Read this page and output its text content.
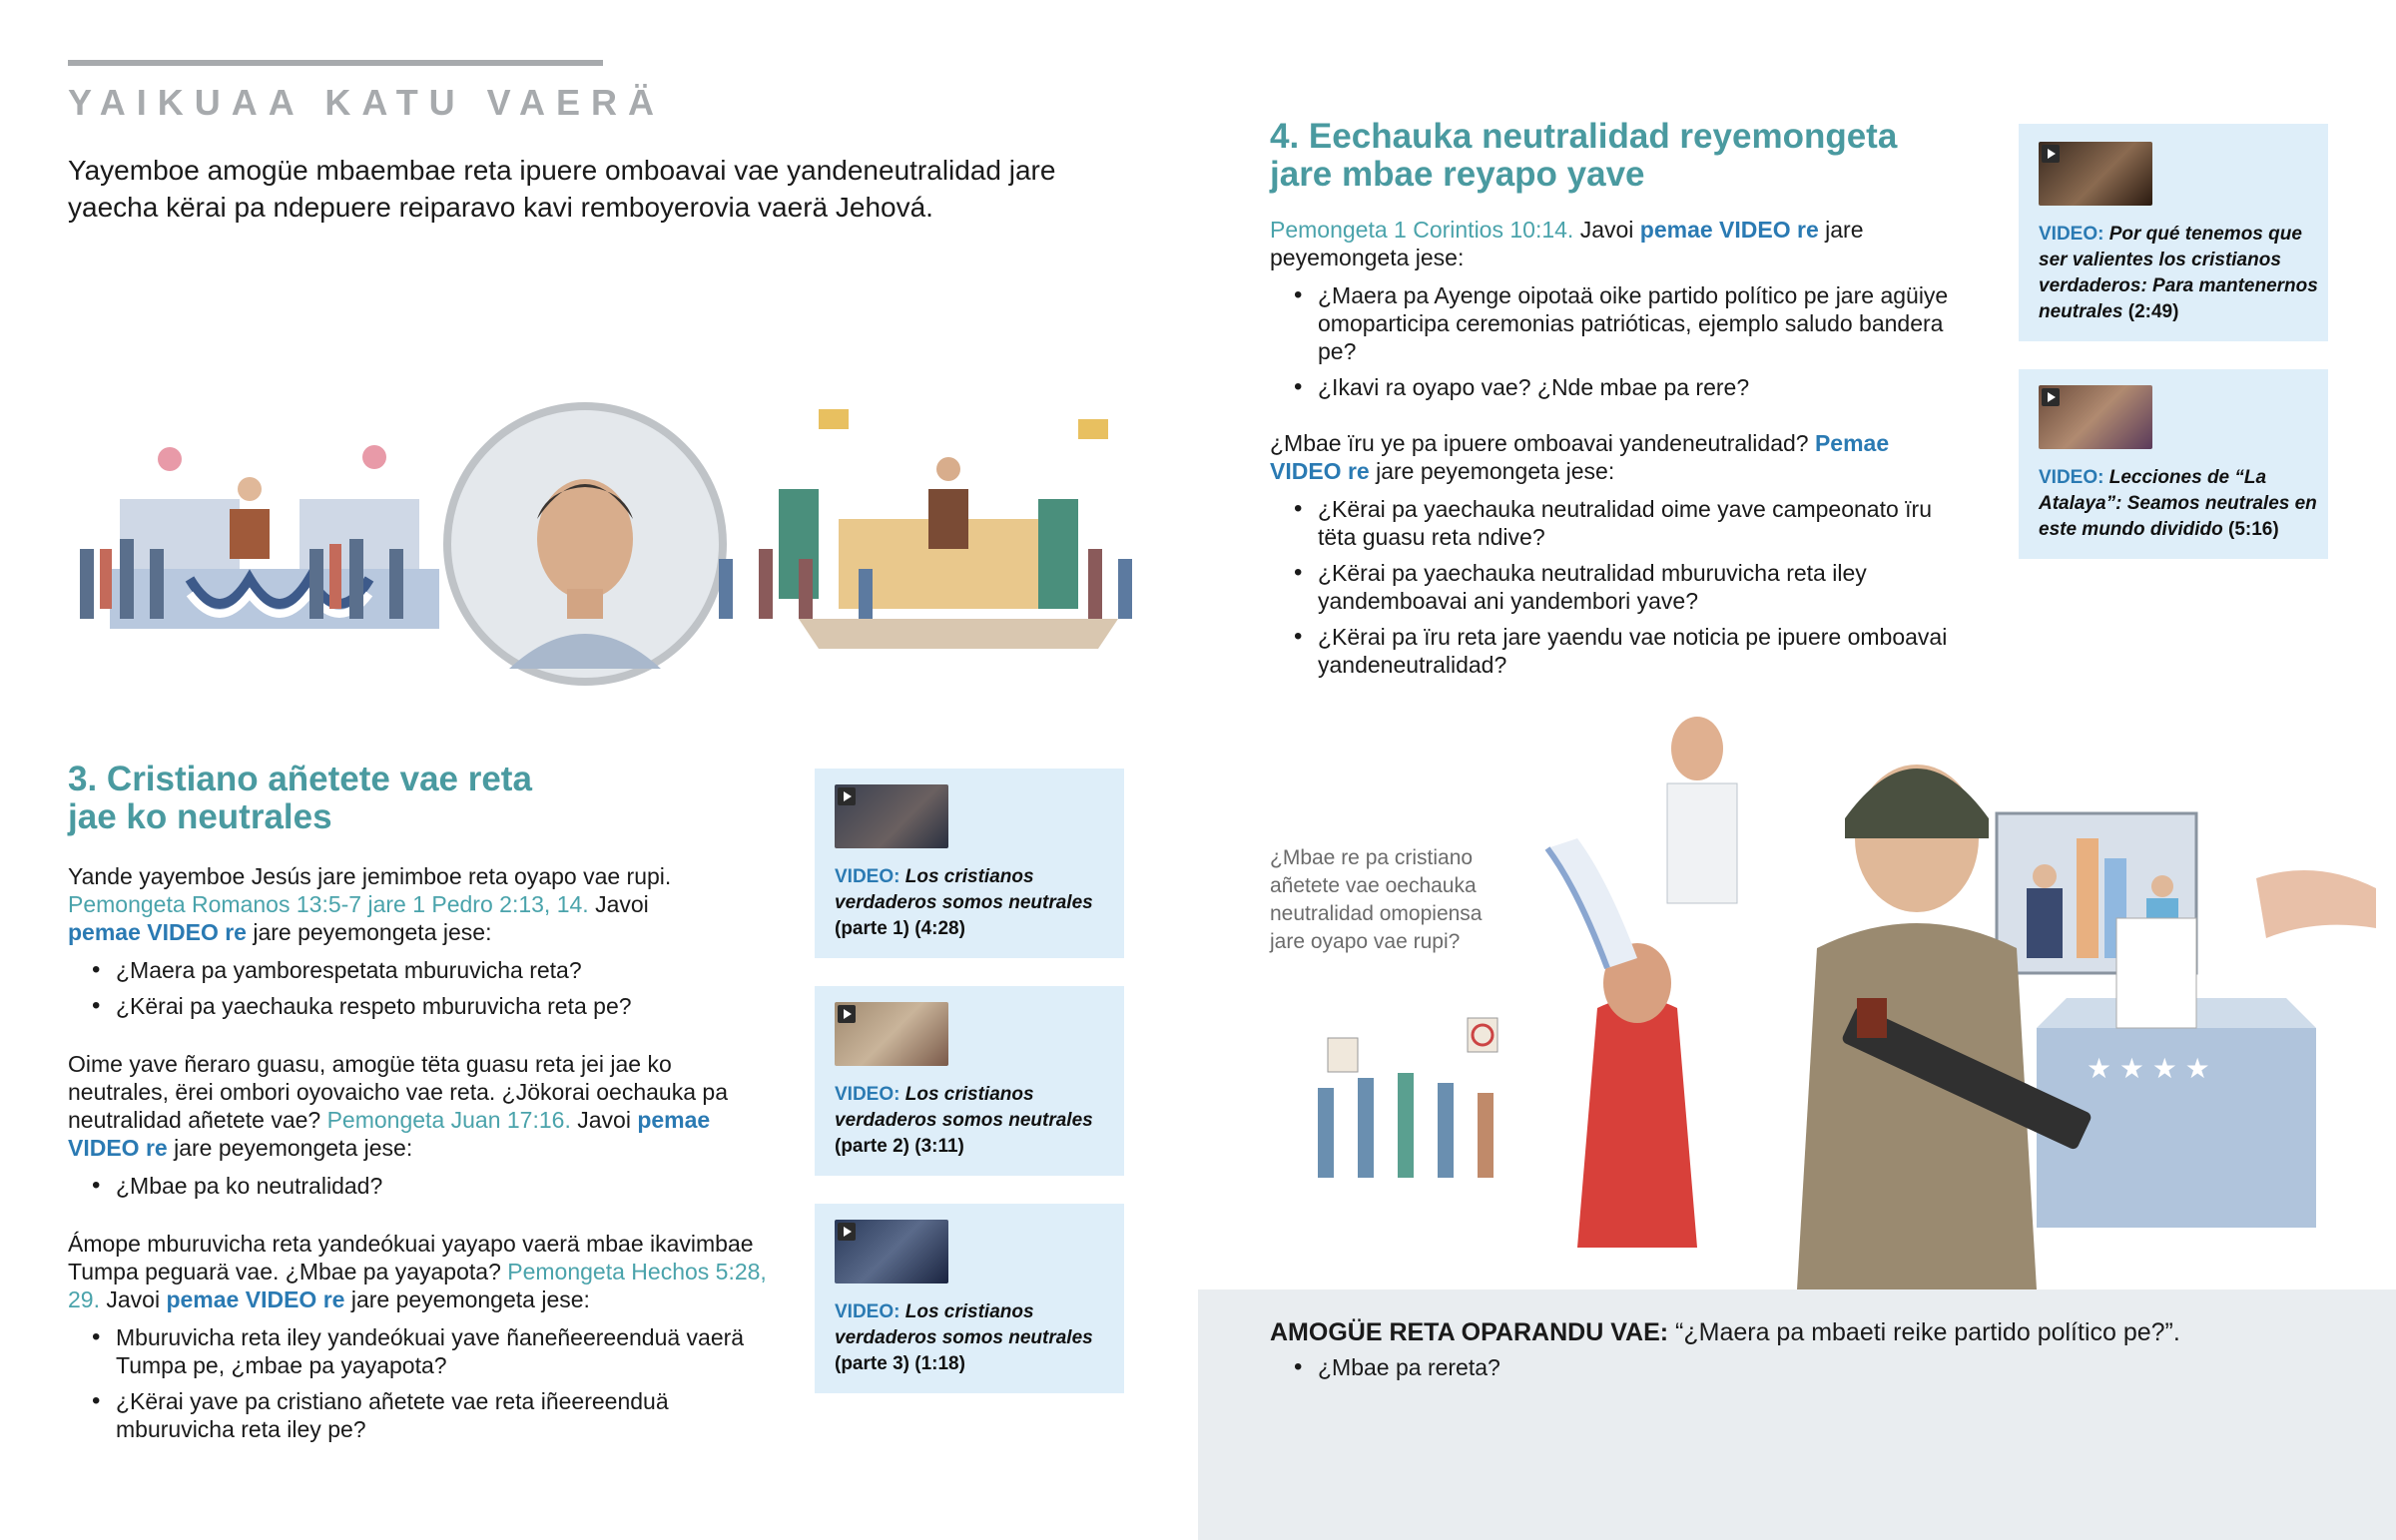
YAIKUAA KATU VAERÄ
Yayemboe amogüe mbaembae reta ipuere omboavai vae yandeneutralidad jare yaecha kërai pa ndepuere reiparavo kavi remboyerovia vaerä Jehová.
3. Cristiano añetete vae reta
jae ko neutrales

Yande yayemboe Jesús jare jemimboe reta oyapo vae rupi.
Pemongeta Romanos 13:5-7 jare 1 Pedro 2:13, 14. Javoi
pemae VIDEO re jare peyemongeta jese:

• ¿Maera pa yamborespetata mburuvicha reta?
• ¿Kërai pa yaechauka respeto mburuvicha reta pe?

Oime yave ñeraro guasu, amogüe tëta guasu reta jei jae ko neutrales, ërei ombori oyovaicho vae reta. ¿Jökorai oechauka pa neutralidad añetete vae? Pemongeta Juan 17:16. Javoi pemae VIDEO re jare peyemongeta jese:

• ¿Mbae pa ko neutralidad?

Ámope mburuvicha reta yandeókuai yayapo vaerä mbae ikavimbae Tumpa peguarä vae. ¿Mbae pa yayapota? Pemongeta Hechos 5:28, 29. Javoi pemae VIDEO re jare peyemongeta jese:

• Mburuvicha reta iley yandeókuai yave ñaneñeereenduä vaerä Tumpa pe, ¿mbae pa yayapota?
• ¿Kërai yave pa cristiano añetete vae reta iñeereenduä mburuvicha reta iley pe?
VIDEO: Los cristianos verdaderos somos neutrales (parte 1) (4:28)
VIDEO: Los cristianos verdaderos somos neutrales (parte 2) (3:11)
VIDEO: Los cristianos verdaderos somos neutrales (parte 3) (1:18)
4. Eechauka neutralidad reyemongeta
jare mbae reyapo yave

Pemongeta 1 Corintios 10:14. Javoi pemae VIDEO re jare peyemongeta jese:

• ¿Maera pa Ayenge oipotaä oike partido político pe jare agüiye omoparticipa ceremonias patrióticas, ejemplo saludo bandera pe?
• ¿Ikavi ra oyapo vae? ¿Nde mbae pa rere?

¿Mbae ïru ye pa ipuere omboavai yandeneutralidad? Pemae VIDEO re jare peyemongeta jese:

• ¿Kërai pa yaechauka neutralidad oime yave campeonato ïru tëta guasu reta ndive?
• ¿Kërai pa yaechauka neutralidad mburuvicha reta iley yandemboavai ani yandembori yave?
• ¿Kërai pa ïru reta jare yaendu vae noticia pe ipuere omboavai yandeneutralidad?
VIDEO: Por qué tenemos que ser valientes los cristianos verdaderos: Para mantenernos neutrales (2:49)
VIDEO: Lecciones de “La Atalaya”: Seamos neutrales en este mundo dividido (5:16)
★ ★ ★ ★
¿Mbae re pa cristiano añetete vae oechaukа neutralidad omopiensa jare oyapo vae rupi?
AMOGÜE RETA OPARANDU VAE: “¿Maera pa mbaeti reike partido político pe?”.
• ¿Mbae pa rereta?
